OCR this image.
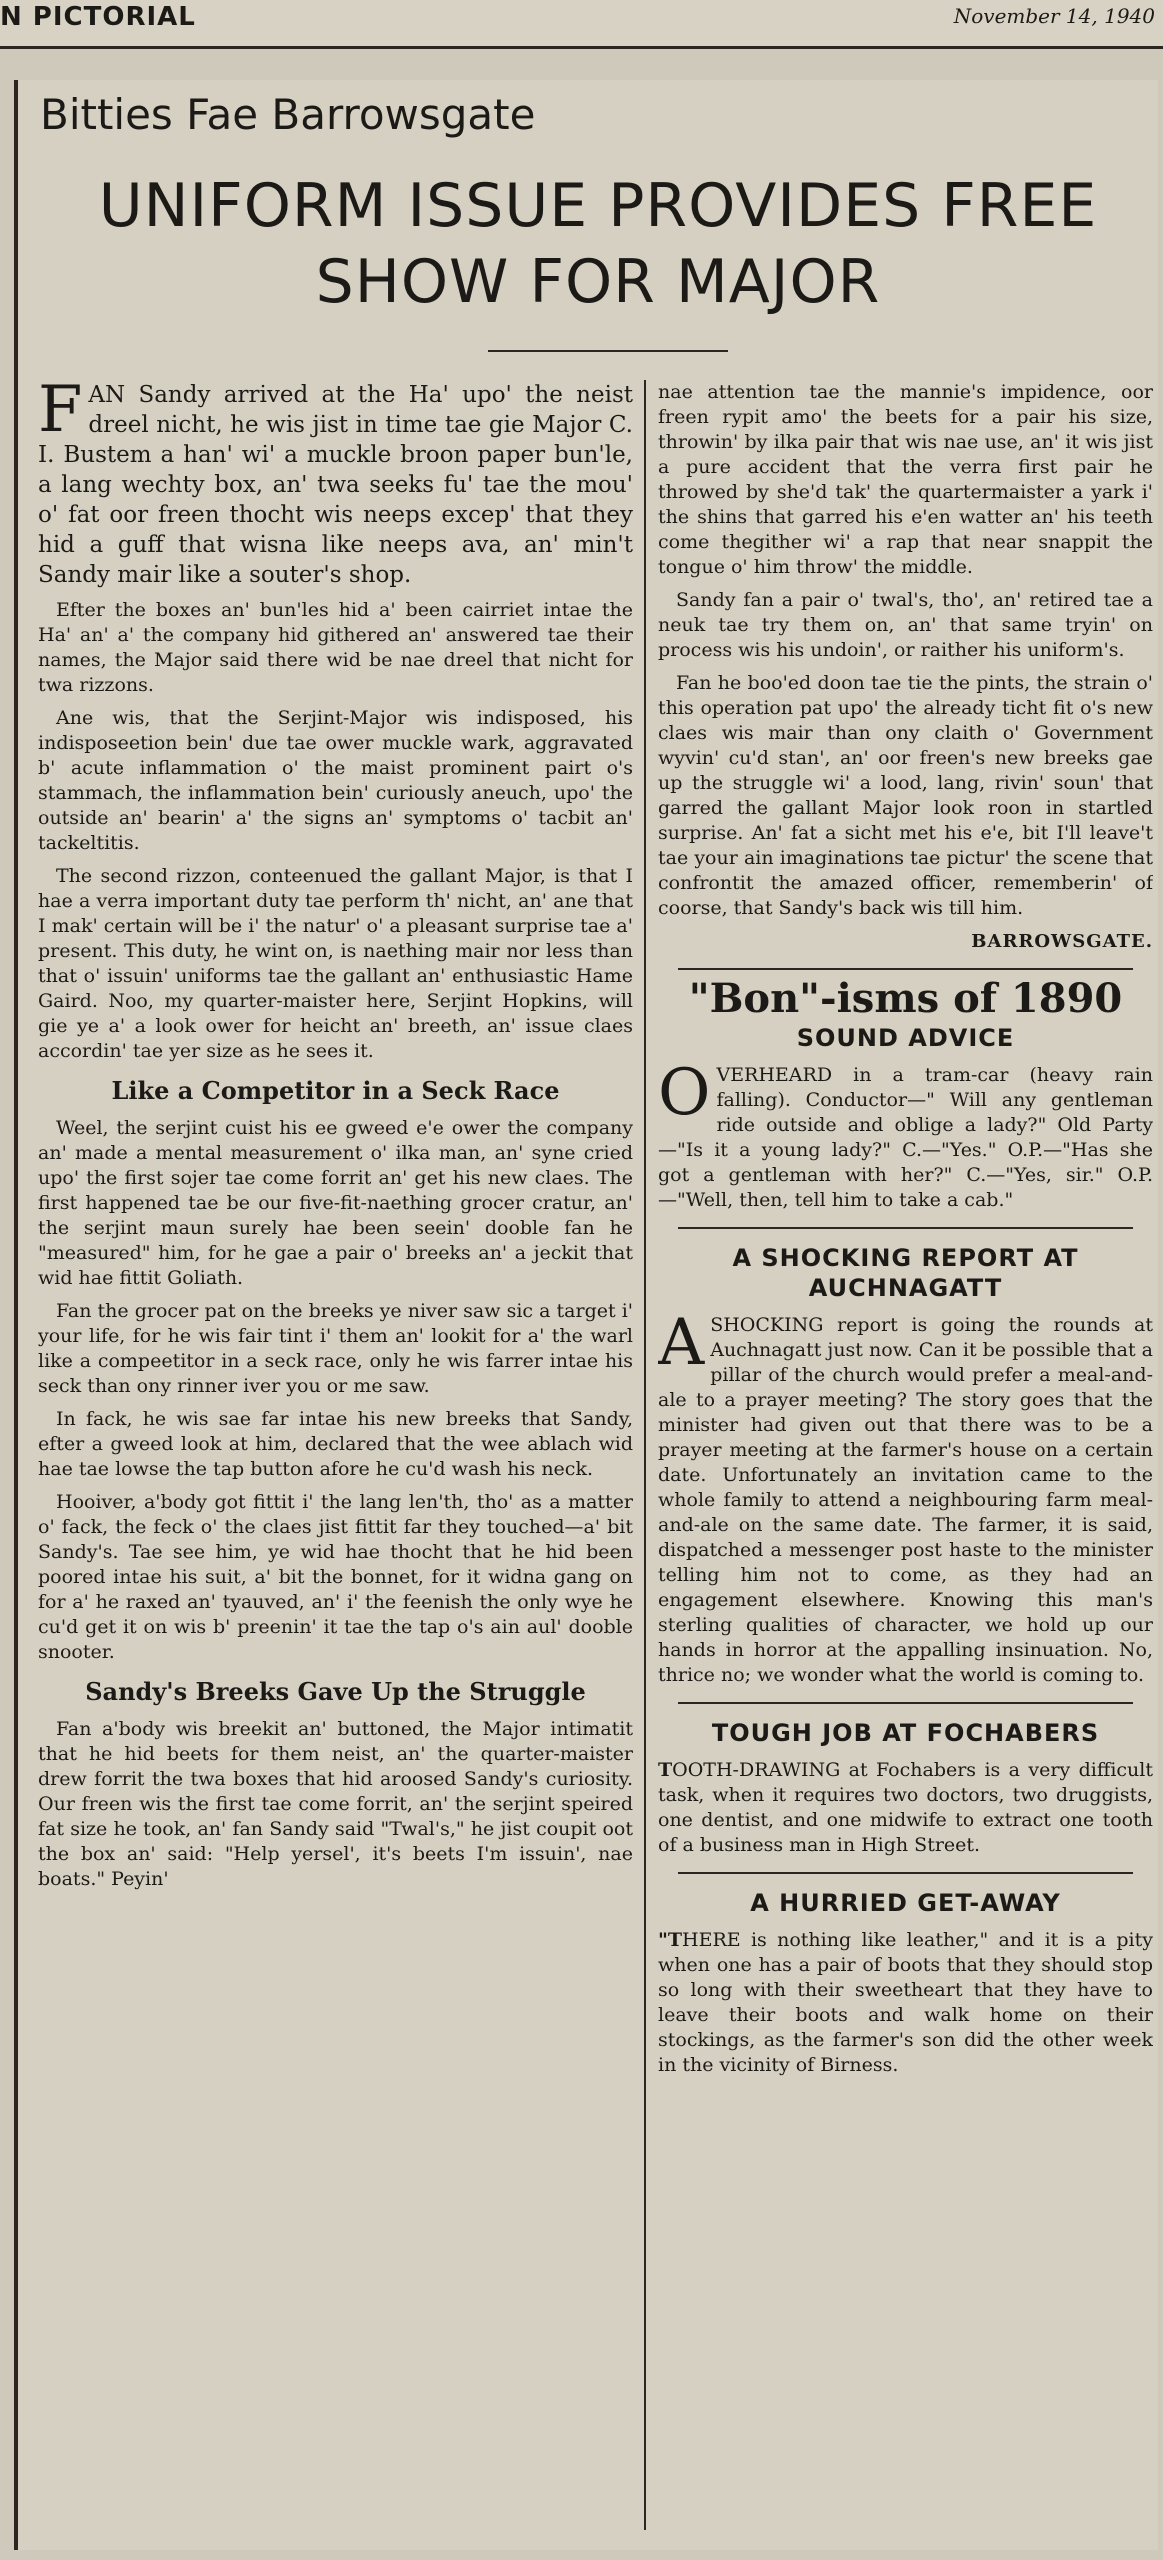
N PICTORIAL	November 14, 1940
Bitties Fae Barrowsgate
UNIFORM ISSUE PROVIDES FREE SHOW FOR MAJOR

FAN Sandy arrived at the Ha' upo' the neist dreel nicht, he wis jist in time tae gie Major C. I. Bustem a han' wi' a muckle broon paper bun'le, a lang wechty box, an' twa seeks fu' tae the mou' o' fat oor freen thocht wis neeps excep' that they hid a guff that wisna like neeps ava, an' min't Sandy mair like a souter's shop.

Efter the boxes an' bun'les hid a' been cairriet intae the Ha' an' a' the company hid githered an' answered tae their names, the Major said there wid be nae dreel that nicht for twa rizzons.

Ane wis, that the Serjint-Major wis indisposed, his indisposeetion bein' due tae ower muckle wark, aggravated b' acute inflammation o' the maist prominent pairt o's stammach, the inflammation bein' curiously aneuch, upo' the outside an' bearin' a' the signs an' symptoms o' tacbit an' tackeltitis.

The second rizzon, conteenued the gallant Major, is that I hae a verra important duty tae perform th' nicht, an' ane that I mak' certain will be i' the natur' o' a pleasant surprise tae a' present. This duty, he wint on, is naething mair nor less than that o' issuin' uniforms tae the gallant an' enthusiastic Hame Gaird. Noo, my quarter-maister here, Serjint Hopkins, will gie ye a' a look ower for heicht an' breeth, an' issue claes accordin' tae yer size as he sees it.

Like a Competitor in a Seck Race

Weel, the serjint cuist his ee gweed e'e ower the company an' made a mental measurement o' ilka man, an' syne cried upo' the first sojer tae come forrit an' get his new claes. The first happened tae be our five-fit-naething grocer cratur, an' the serjint maun surely hae been seein' dooble fan he "measured" him, for he gae a pair o' breeks an' a jeckit that wid hae fittit Goliath.

Fan the grocer pat on the breeks ye niver saw sic a target i' your life, for he wis fair tint i' them an' lookit for a' the warl like a compeetitor in a seck race, only he wis farrer intae his seck than ony rinner iver you or me saw.

In fack, he wis sae far intae his new breeks that Sandy, efter a gweed look at him, declared that the wee ablach wid hae tae lowse the tap button afore he cu'd wash his neck.

Hooiver, a'body got fittit i' the lang len'th, tho' as a matter o' fack, the feck o' the claes jist fittit far they touched—a' bit Sandy's. Tae see him, ye wid hae thocht that he hid been poored intae his suit, a' bit the bonnet, for it widna gang on for a' he raxed an' tyauved, an' i' the feenish the only wye he cu'd get it on wis b' preenin' it tae the tap o's ain aul' dooble snooter.

Sandy's Breeks Gave Up the Struggle

Fan a'body wis breekit an' buttoned, the Major intimatit that he hid beets for them neist, an' the quarter-maister drew forrit the twa boxes that hid aroosed Sandy's curiosity. Our freen wis the first tae come forrit, an' the serjint speired fat size he took, an' fan Sandy said "Twal's," he jist coupit oot the box an' said: "Help yersel', it's beets I'm issuin', nae boats." Peyin'

nae attention tae the mannie's impidence, oor freen rypit amo' the beets for a pair his size, throwin' by ilka pair that wis nae use, an' it wis jist a pure accident that the verra first pair he throwed by she'd tak' the quartermaister a yark i' the shins that garred his e'en watter an' his teeth come thegither wi' a rap that near snappit the tongue o' him throw' the middle.

Sandy fan a pair o' twal's, tho', an' retired tae a neuk tae try them on, an' that same tryin' on process wis his undoin', or raither his uniform's.

Fan he boo'ed doon tae tie the pints, the strain o' this operation pat upo' the already ticht fit o's new claes wis mair than ony claith o' Government wyvin' cu'd stan', an' oor freen's new breeks gae up the struggle wi' a lood, lang, rivin' soun' that garred the gallant Major look roon in startled surprise. An' fat a sicht met his e'e, bit I'll leave't tae your ain imaginations tae pictur' the scene that confrontit the amazed officer, rememberin' of coorse, that Sandy's back wis till him.

BARROWSGATE.
"Bon"-isms of 1890
SOUND ADVICE

OVERHEARD in a tram-car (heavy rain falling). Conductor—" Will any gentleman ride outside and oblige a lady?" Old Party—"Is it a young lady?" C.—"Yes." O.P.—"Has she got a gentleman with her?" C.—"Yes, sir." O.P.—"Well, then, tell him to take a cab."

A SHOCKING REPORT AT AUCHNAGATT

ASHOCKING report is going the rounds at Auchnagatt just now. Can it be possible that a pillar of the church would prefer a meal-and-ale to a prayer meeting? The story goes that the minister had given out that there was to be a prayer meeting at the farmer's house on a certain date. Unfortunately an invitation came to the whole family to attend a neighbouring farm meal-and-ale on the same date. The farmer, it is said, dispatched a messenger post haste to the minister telling him not to come, as they had an engagement elsewhere. Knowing this man's sterling qualities of character, we hold up our hands in horror at the appalling insinuation. No, thrice no; we wonder what the world is coming to.

TOUGH JOB AT FOCHABERS

TOOTH-DRAWING at Fochabers is a very difficult task, when it requires two doctors, two druggists, one dentist, and one midwife to extract one tooth of a business man in High Street.

A HURRIED GET-AWAY

"THERE is nothing like leather," and it is a pity when one has a pair of boots that they should stop so long with their sweetheart that they have to leave their boots and walk home on their stockings, as the farmer's son did the other week in the vicinity of Birness.
